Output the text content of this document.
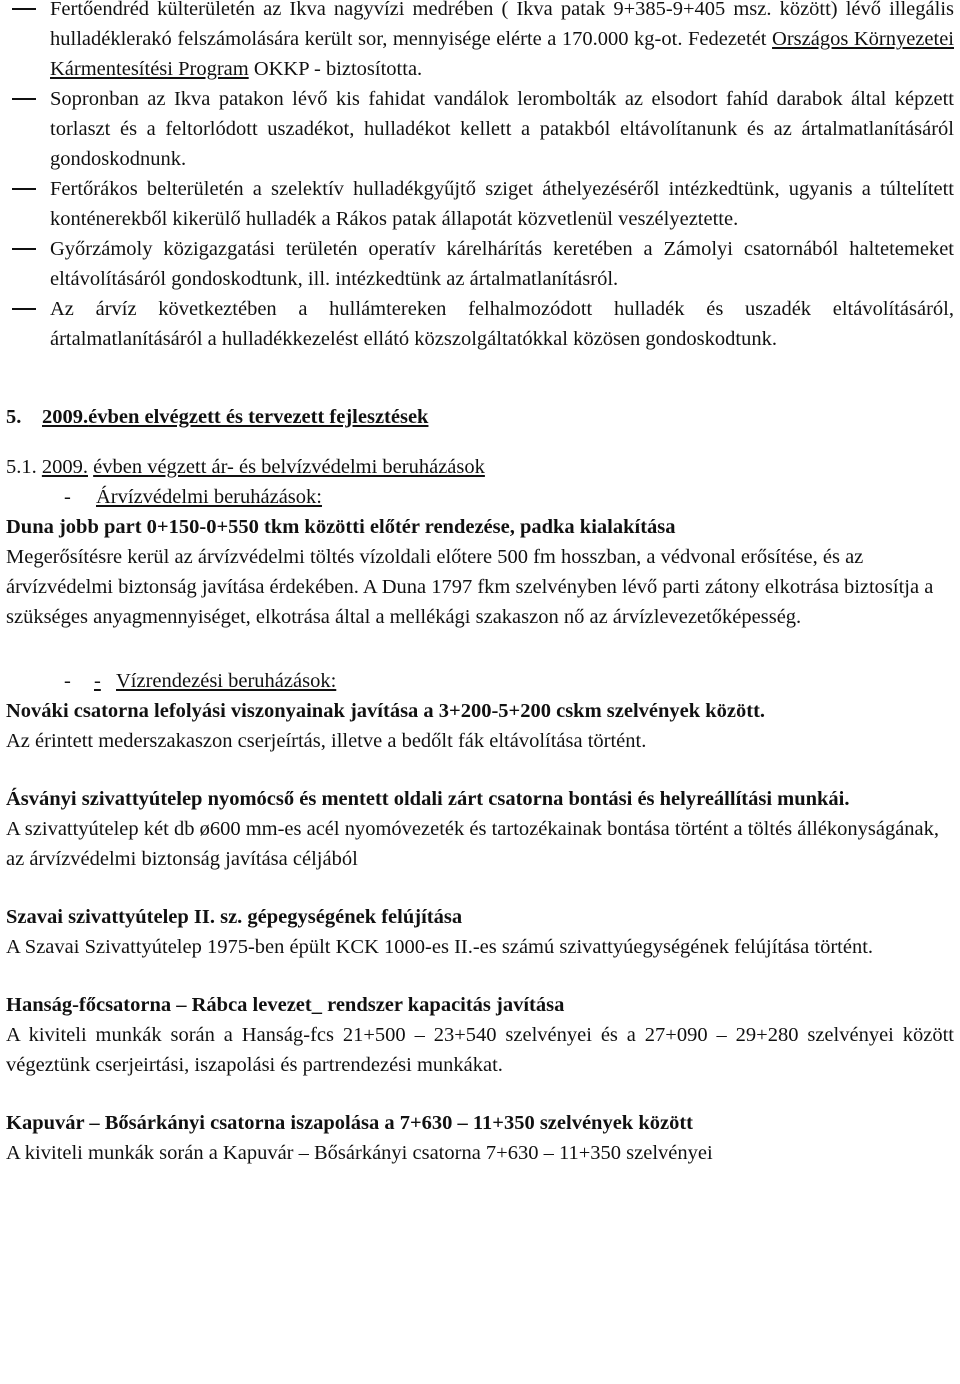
Fertőendréd külterületén az Ikva nagyvízi medrében ( Ikva patak 9+385-9+405 msz. között) lévő illegális hulladéklerakó felszámolására került sor, mennyisége elérte a 170.000 kg-ot. Fedezetét Országos Környezetei Kármentesítési Program OKKP - biztosította.
Sopronban az Ikva patakon lévő kis fahidat vandálok lerombolták az elsodort fahíd darabok által képzett torlaszt és a feltorlódott uszadékot, hulladékot kellett a patakból eltávolítanunk és az ártalmatlanításáról gondoskodnunk.
Fertőrákos belterületén a szelektív hulladékgyűjtő sziget áthelyezéséről intézkedtünk, ugyanis a túltelített konténerekből kikerülő hulladék a Rákos patak állapotát közvetlenül veszélyeztette.
Győrzámoly közigazgatási területén operatív kárelhárítás keretében a Zámolyi csatornából haltetemeket eltávolításáról gondoskodtunk, ill. intézkedtünk az ártalmatlanításról.
Az árvíz következtében a hullámtereken felhalmozódott hulladék és uszadék eltávolításáról, ártalmatlanításáról a hulladékkezelést ellátó közszolgáltatókkal közösen gondoskodtunk.
5. 2009.évben elvégzett és tervezett fejlesztések
5.1. 2009. évben végzett ár- és belvízvédelmi beruházások
- Árvízvédelmi beruházások:
Duna jobb part 0+150-0+550 tkm közötti előtér rendezése, padka kialakítása
Megerősítésre kerül az árvízvédelmi töltés vízoldali előtere 500 fm hosszban, a védvonal erősítése, és az árvízvédelmi biztonság javítása érdekében. A Duna 1797 fkm szelvényben lévő parti zátony elkotrása biztosítja a szükséges anyagmennyiséget, elkotrása által a mellékági szakaszon nő az árvízlevezetőképesség.
- - Vízrendezési beruházások:
Nováki csatorna lefolyási viszonyainak javítása a 3+200-5+200 cskm szelvények között.
Az érintett mederszakaszon cserjeírtás, illetve a bedőlt fák eltávolítása történt.
Ásványi szivattyútelep nyomócső és mentett oldali zárt csatorna bontási és helyreállítási munkái.
A szivattyútelep két db ø600 mm-es acél nyomóvezeték és tartozékainak bontása történt a töltés állékonyságának, az árvízvédelmi biztonság javítása céljából
Szavai szivattyútelep II. sz. gépegységének felújítása
A Szavai Szivattyútelep 1975-ben épült KCK 1000-es II.-es számú szivattyúegységének felújítása történt.
Hanság-főcsatorna – Rábca levezet_ rendszer kapacitás javítása
A kiviteli munkák során a Hanság-fcs 21+500 – 23+540 szelvényei és a 27+090 – 29+280 szelvényei között végeztünk cserjeirtási, iszapolási és partrendezési munkákat.
Kapuvár – Bősárkányi csatorna iszapolása a 7+630 – 11+350 szelvények között
A kiviteli munkák során a Kapuvár – Bősárkányi csatorna 7+630 – 11+350 szelvényei
